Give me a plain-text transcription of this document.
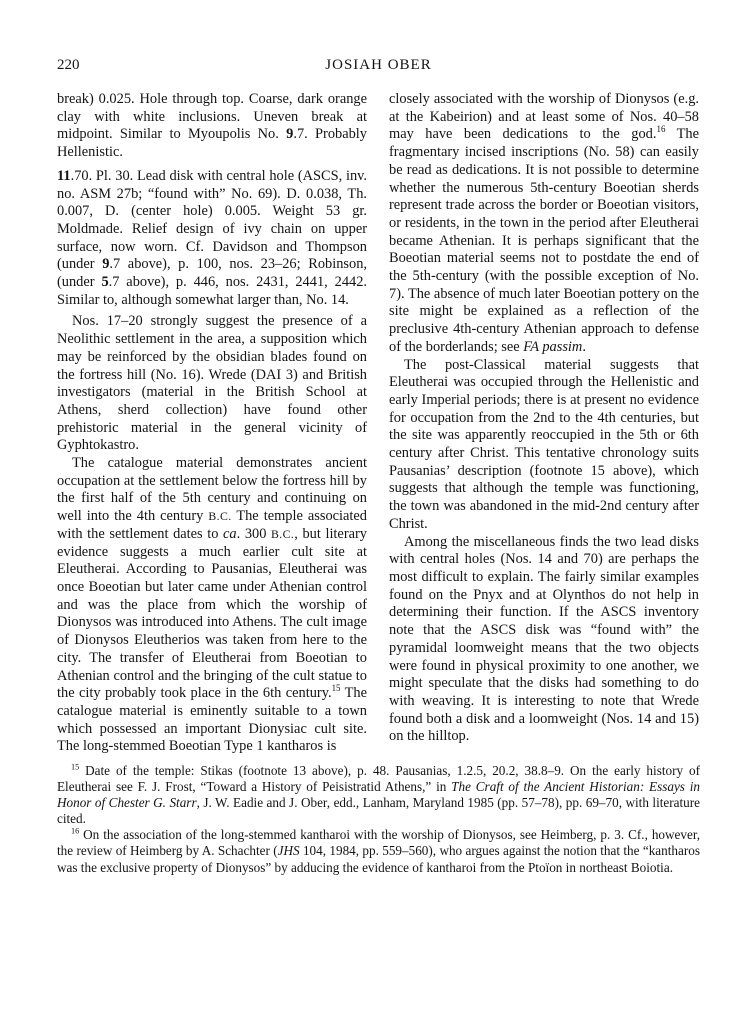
220	JOSIAH OBER

break) 0.025. Hole through top. Coarse, dark orange clay with white inclusions. Uneven break at midpoint. Similar to Myoupolis No. 9.7. Probably Hellenistic.

11.70. Pl. 30. Lead disk with central hole (ASCS, inv. no. ASM 27b; “found with” No. 69). D. 0.038, Th. 0.007, D. (center hole) 0.005. Weight 53 gr. Moldmade. Relief design of ivy chain on upper surface, now worn. Cf. Davidson and Thompson (under 9.7 above), p. 100, nos. 23–26; Robinson, (under 5.7 above), p. 446, nos. 2431, 2441, 2442. Similar to, although somewhat larger than, No. 14.

Nos. 17–20 strongly suggest the presence of a Neolithic settlement in the area, a supposition which may be reinforced by the obsidian blades found on the fortress hill (No. 16). Wrede (DAI 3) and British investigators (material in the British School at Athens, sherd collection) have found other prehistoric material in the general vicinity of Gyphtokastro.

The catalogue material demonstrates ancient occupation at the settlement below the fortress hill by the first half of the 5th century and continuing on well into the 4th century B.C. The temple associated with the settlement dates to ca. 300 B.C., but literary evidence suggests a much earlier cult site at Eleutherai. According to Pausanias, Eleutherai was once Boeotian but later came under Athenian control and was the place from which the worship of Dionysos was introduced into Athens. The cult image of Dionysos Eleutherios was taken from here to the city. The transfer of Eleutherai from Boeotian to Athenian control and the bringing of the cult statue to the city probably took place in the 6th century.$^{15}$ The catalogue material is eminently suitable to a town which possessed an important Dionysiac cult site. The long-stemmed Boeotian Type 1 kantharos is

closely associated with the worship of Dionysos (e.g. at the Kabeirion) and at least some of Nos. 40–58 may have been dedications to the god.$^{16}$ The fragmentary incised inscriptions (No. 58) can easily be read as dedications. It is not possible to determine whether the numerous 5th-century Boeotian sherds represent trade across the border or Boeotian visitors, or residents, in the town in the period after Eleutherai became Athenian. It is perhaps significant that the Boeotian material seems not to postdate the end of the 5th-century (with the possible exception of No. 7). The absence of much later Boeotian pottery on the site might be explained as a reflection of the preclusive 4th-century Athenian approach to defense of the borderlands; see FA passim.

The post-Classical material suggests that Eleutherai was occupied through the Hellenistic and early Imperial periods; there is at present no evidence for occupation from the 2nd to the 4th centuries, but the site was apparently reoccupied in the 5th or 6th century after Christ. This tentative chronology suits Pausanias’ description (footnote 15 above), which suggests that although the temple was functioning, the town was abandoned in the mid-2nd century after Christ.

Among the miscellaneous finds the two lead disks with central holes (Nos. 14 and 70) are perhaps the most difficult to explain. The fairly similar examples found on the Pnyx and at Olynthos do not help in determining their function. If the ASCS inventory note that the ASCS disk was “found with” the pyramidal loomweight means that the two objects were found in physical proximity to one another, we might speculate that the disks had something to do with weaving. It is interesting to note that Wrede found both a disk and a loomweight (Nos. 14 and 15) on the hilltop.

$^{15}$ Date of the temple: Stikas (footnote 13 above), p. 48. Pausanias, 1.2.5, 20.2, 38.8–9. On the early history of Eleutherai see F. J. Frost, “Toward a History of Peisistratid Athens,” in The Craft of the Ancient Historian: Essays in Honor of Chester G. Starr, J. W. Eadie and J. Ober, edd., Lanham, Maryland 1985 (pp. 57–78), pp. 69–70, with literature cited.

$^{16}$ On the association of the long-stemmed kantharoi with the worship of Dionysos, see Heimberg, p. 3. Cf., however, the review of Heimberg by A. Schachter (JHS 104, 1984, pp. 559–560), who argues against the notion that the “kantharos was the exclusive property of Dionysos” by adducing the evidence of kantharoi from the Ptoïon in northeast Boiotia.
